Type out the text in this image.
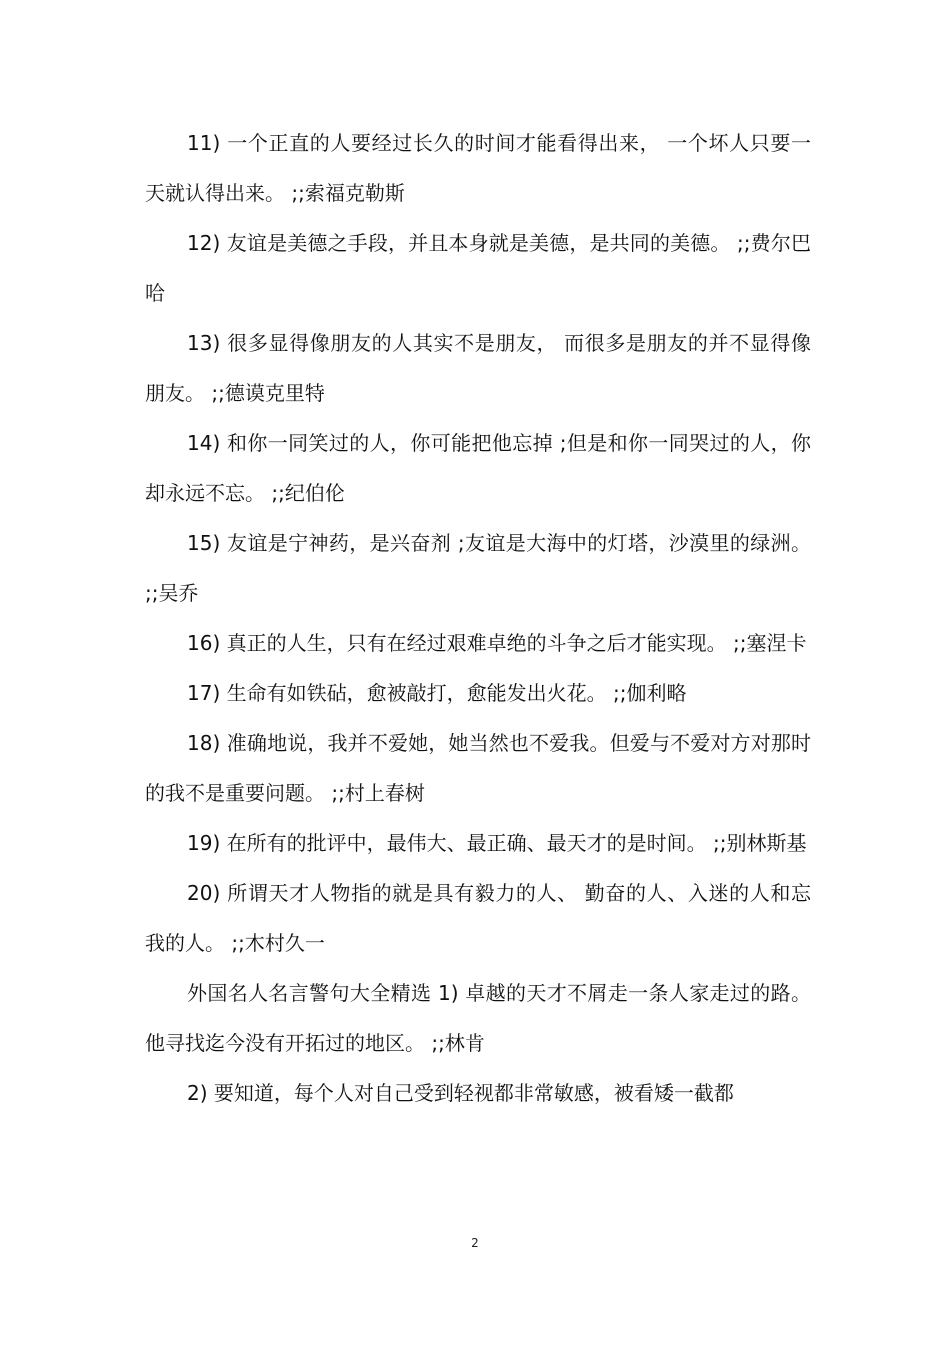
11) 一个正直的人要经过长久的时间才能看得出来， 一个坏人只要一天就认得出来。 ;;索福克勒斯

12) 友谊是美德之手段，并且本身就是美德，是共同的美德。 ;;费尔巴哈

13) 很多显得像朋友的人其实不是朋友， 而很多是朋友的并不显得像朋友。 ;;德谟克里特

14) 和你一同笑过的人，你可能把他忘掉 ;但是和你一同哭过的人，你却永远不忘。 ;;纪伯伦

15) 友谊是宁神药，是兴奋剂 ;友谊是大海中的灯塔，沙漠里的绿洲。 ;;吴乔

16) 真正的人生，只有在经过艰难卓绝的斗争之后才能实现。 ;;塞涅卡

17) 生命有如铁砧，愈被敲打，愈能发出火花。 ;;伽利略

18) 准确地说，我并不爱她，她当然也不爱我。但爱与不爱对方对那时的我不是重要问题。 ;;村上春树

19) 在所有的批评中，最伟大、最正确、最天才的是时间。 ;;别林斯基

20) 所谓天才人物指的就是具有毅力的人、 勤奋的人、入迷的人和忘我的人。 ;;木村久一

外国名人名言警句大全精选 1) 卓越的天才不屑走一条人家走过的路。他寻找迄今没有开拓过的地区。 ;;林肯

2) 要知道，每个人对自己受到轻视都非常敏感，被看矮一截都

2
